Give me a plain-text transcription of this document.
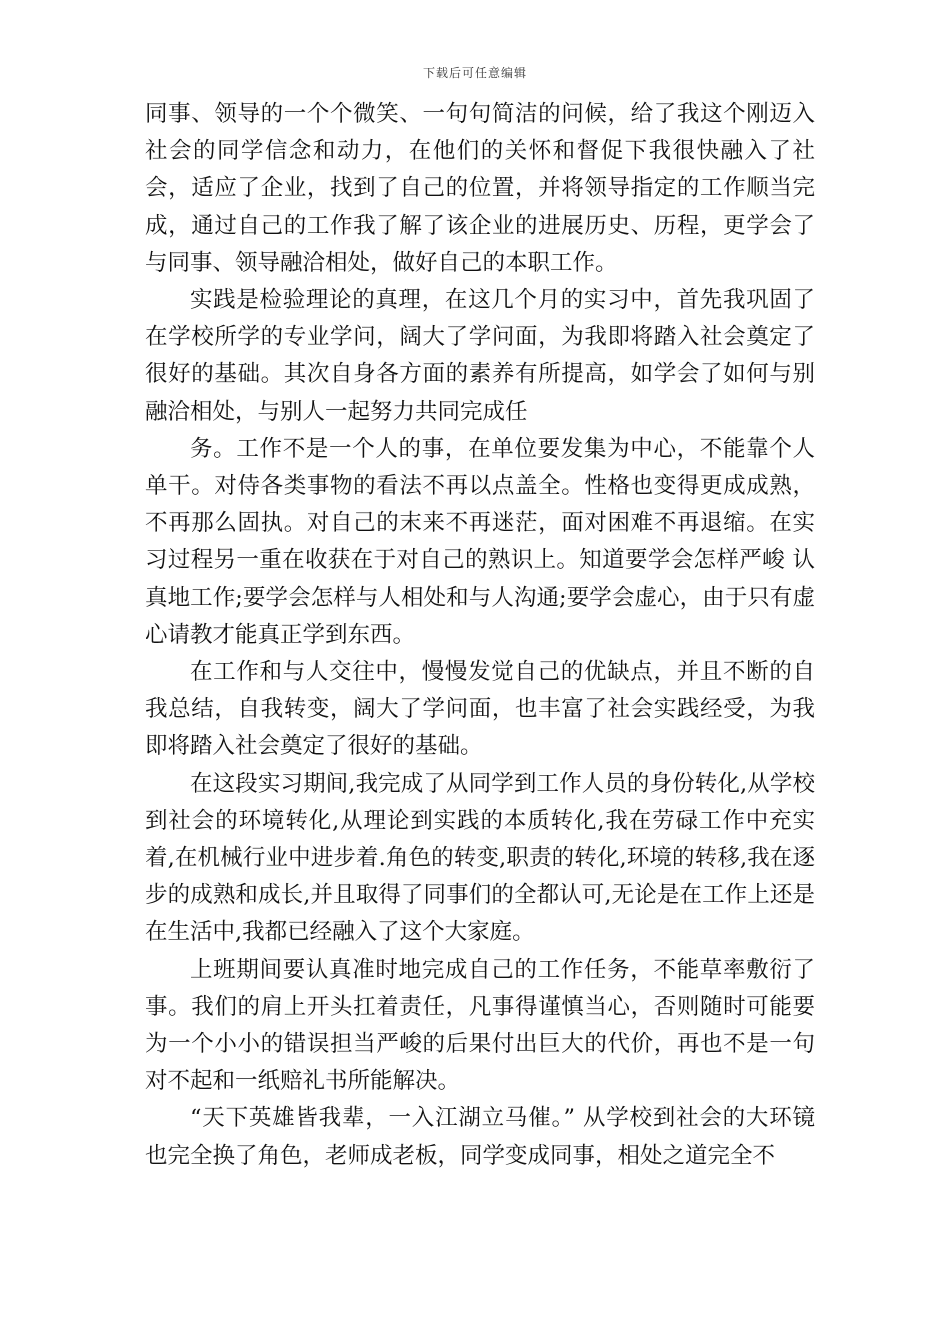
下载后可任意编辑

同事、领导的一个个微笑、一句句简洁的问候，给了我这个刚迈入社会的同学信念和动力，在他们的关怀和督促下我很快融入了社会，适应了企业，找到了自己的位置，并将领导指定的工作顺当完成，通过自己的工作我了解了该企业的进展历史、历程，更学会了与同事、领导融洽相处，做好自己的本职工作。

实践是检验理论的真理，在这几个月的实习中，首先我巩固了在学校所学的专业学问，阔大了学问面，为我即将踏入社会奠定了很好的基础。其次自身各方面的素养有所提高，如学会了如何与别融洽相处，与别人一起努力共同完成任

务。工作不是一个人的事，在单位要发集为中心，不能靠个人单干。对侍各类事物的看法不再以点盖全。性格也变得更成成熟，不再那么固执。对自己的末来不再迷茫，面对困难不再退缩。在实习过程另一重在收获在于对自己的熟识上。知道要学会怎样严峻 认真地工作;要学会怎样与人相处和与人沟通;要学会虚心，由于只有虚心请教才能真正学到东西。

在工作和与人交往中，慢慢发觉自己的优缺点，并且不断的自我总结，自我转变，阔大了学问面，也丰富了社会实践经受，为我即将踏入社会奠定了很好的基础。

在这段实习期间,我完成了从同学到工作人员的身份转化,从学校到社会的环境转化,从理论到实践的本质转化,我在劳碌工作中充实着,在机械行业中进步着.角色的转变,职责的转化,环境的转移,我在逐步的成熟和成长,并且取得了同事们的全都认可,无论是在工作上还是在生活中,我都已经融入了这个大家庭。

上班期间要认真准时地完成自己的工作任务，不能草率敷衍了事。我们的肩上开头扛着责任，凡事得谨慎当心，否则随时可能要为一个小小的错误担当严峻的后果付出巨大的代价，再也不是一句对不起和一纸赔礼书所能解决。

“天下英雄皆我辈，一入江湖立马催。” 从学校到社会的大环镜也完全换了角色，老师成老板，同学变成同事，相处之道完全不
